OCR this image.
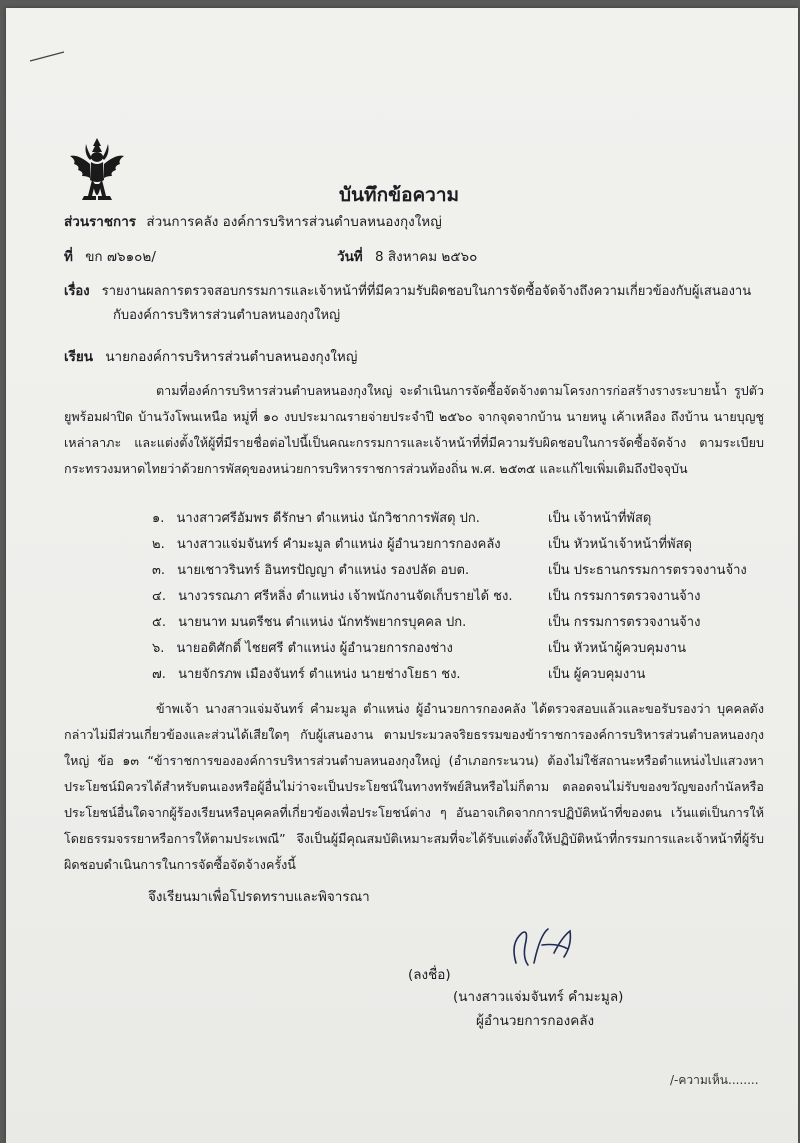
บันทึกข้อความ
ส่วนราชการ ส่วนการคลัง องค์การบริหารส่วนตำบลหนองกุงใหญ่
ที่ ขก ๗๖๑๐๒/	วันที่ 8 สิงหาคม ๒๕๖๐
เรื่อง รายงานผลการตรวจสอบกรรมการและเจ้าหน้าที่ที่มีความรับผิดชอบในการจัดซื้อจัดจ้างถึงความเกี่ยวข้องกับผู้เสนองาน
กับองค์การบริหารส่วนตำบลหนองกุงใหญ่
เรียน นายกองค์การบริหารส่วนตำบลหนองกุงใหญ่
ตามที่องค์การบริหารส่วนตำบลหนองกุงใหญ่ จะดำเนินการจัดซื้อจัดจ้างตามโครงการก่อสร้างรางระบายน้ำ รูปตัวยูพร้อมฝาปิด บ้านวังโพนเหนือ หมู่ที่ ๑๐ งบประมาณรายจ่ายประจำปี ๒๕๖๐ จากจุดจากบ้าน นายหนู เค้าเหลือง ถึงบ้าน นายบุญชู เหล่าลาภะ และแต่งตั้งให้ผู้ที่มีรายชื่อต่อไปนี้เป็นคณะกรรมการและเจ้าหน้าที่ที่มีความรับผิดชอบในการจัดซื้อจัดจ้าง ตามระเบียบกระทรวงมหาดไทยว่าด้วยการพัสดุของหน่วยการบริหารราชการส่วนท้องถิ่น พ.ศ. ๒๕๓๕ และแก้ไขเพิ่มเติมถึงปัจจุบัน
๑. นางสาวศรีอัมพร ดีรักษา ตำแหน่ง นักวิชาการพัสดุ ปก.	เป็น เจ้าหน้าที่พัสดุ
๒. นางสาวแจ่มจันทร์ คำมะมูล ตำแหน่ง ผู้อำนวยการกองคลัง	เป็น หัวหน้าเจ้าหน้าที่พัสดุ
๓. นายเชาวรินทร์ อินทรปัญญา ตำแหน่ง รองปลัด อบต.	เป็น ประธานกรรมการตรวจงานจ้าง
๔. นางวรรณภา ศรีหลิ่ง ตำแหน่ง เจ้าพนักงานจัดเก็บรายได้ ชง.	เป็น กรรมการตรวจงานจ้าง
๕. นายนาท มนตรีชน ตำแหน่ง นักทรัพยากรบุคคล ปก.	เป็น กรรมการตรวจงานจ้าง
๖. นายอดิศักดิ์ ไชยศรี ตำแหน่ง ผู้อำนวยการกองช่าง	เป็น หัวหน้าผู้ควบคุมงาน
๗. นายจักรภพ เมืองจันทร์ ตำแหน่ง นายช่างโยธา ชง.	เป็น ผู้ควบคุมงาน
ข้าพเจ้า นางสาวแจ่มจันทร์ คำมะมูล ตำแหน่ง ผู้อำนวยการกองคลัง ได้ตรวจสอบแล้วและขอรับรองว่า บุคคลดังกล่าวไม่มีส่วนเกี่ยวข้องและส่วนได้เสียใดๆ กับผู้เสนองาน ตามประมวลจริยธรรมของข้าราชการองค์การบริหารส่วนตำบลหนองกุงใหญ่ ข้อ ๑๓ “ข้าราชการขององค์การบริหารส่วนตำบลหนองกุงใหญ่ (อำเภอกระนวน) ต้องไม่ใช้สถานะหรือตำแหน่งไปแสวงหาประโยชน์มิควรได้สำหรับตนเองหรือผู้อื่นไม่ว่าจะเป็นประโยชน์ในทางทรัพย์สินหรือไม่ก็ตาม ตลอดจนไม่รับของขวัญของกำนัลหรือประโยชน์อื่นใดจากผู้ร้องเรียนหรือบุคคลที่เกี่ยวข้องเพื่อประโยชน์ต่าง ๆ อันอาจเกิดจากการปฏิบัติหน้าที่ของตน เว้นแต่เป็นการให้โดยธรรมจรรยาหรือการให้ตามประเพณี” จึงเป็นผู้มีคุณสมบัติเหมาะสมที่จะได้รับแต่งตั้งให้ปฏิบัติหน้าที่กรรมการและเจ้าหน้าที่ผู้รับผิดชอบดำเนินการในการจัดซื้อจัดจ้างครั้งนี้
จึงเรียนมาเพื่อโปรดทราบและพิจารณา
(ลงชื่อ)
(นางสาวแจ่มจันทร์ คำมะมูล)
ผู้อำนวยการกองคลัง
/-ความเห็น........
